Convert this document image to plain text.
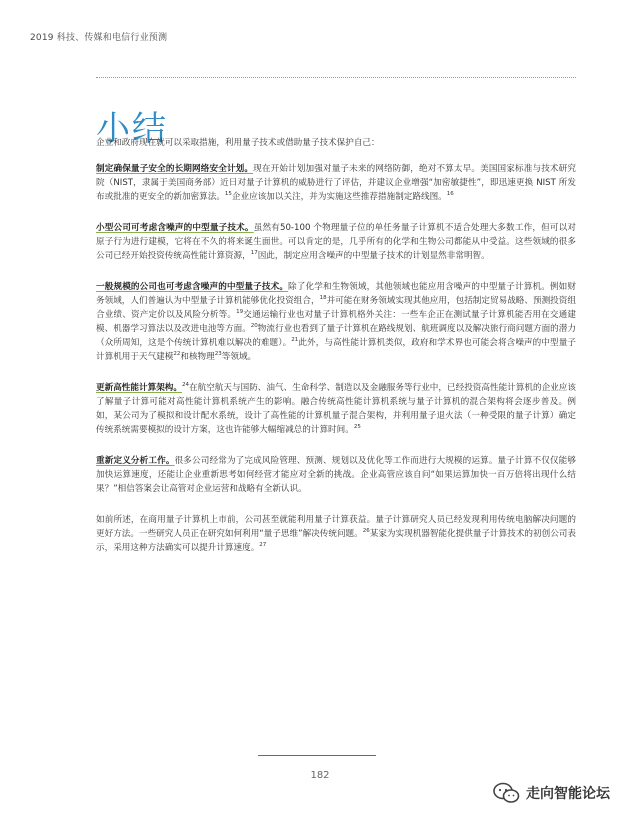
2019 科技、传媒和电信行业预测
小结

企业和政府现在就可以采取措施，利用量子技术或借助量子技术保护自己：

制定确保量子安全的长期网络安全计划。现在开始计划加强对量子未来的网络防御，绝对不算太早。美国国家标准与技术研究院（NIST，隶属于美国商务部）近日对量子计算机的威胁进行了评估，并建议企业增强“加密敏捷性”，即迅速更换 NIST 所发布或批准的更安全的新加密算法。$^{15}$企业应该加以关注，并为实施这些推荐措施制定路线图。$^{16}$

小型公司可考虑含噪声的中型量子技术。虽然有50-100 个物理量子位的单任务量子计算机不适合处理大多数工作，但可以对原子行为进行建模，它将在不久的将来诞生面世。可以肯定的是，几乎所有的化学和生物公司都能从中受益。这些领域的很多公司已经开始投资传统高性能计算资源，$^{17}$因此，制定应用含噪声的中型量子技术的计划显然非常明智。

一般规模的公司也可考虑含噪声的中型量子技术。除了化学和生物领域，其他领域也能应用含噪声的中型量子计算机。例如财务领域，人们普遍认为中型量子计算机能够优化投资组合，$^{18}$并可能在财务领域实现其他应用，包括制定贸易战略、预测投资组合业绩、资产定价以及风险分析等。$^{19}$交通运输行业也对量子计算机格外关注：一些车企正在测试量子计算机能否用在交通建模、机器学习算法以及改进电池等方面。$^{20}$物流行业也看到了量子计算机在路线规划、航班调度以及解决旅行商问题方面的潜力（众所周知，这是个传统计算机难以解决的难题）。$^{21}$此外，与高性能计算机类似，政府和学术界也可能会将含噪声的中型量子计算机用于天气建模$^{22}$和核物理$^{23}$等领域。

更新高性能计算架构。$^{24}$在航空航天与国防、油气、生命科学、制造以及金融服务等行业中，已经投资高性能计算机的企业应该了解量子计算可能对高性能计算机系统产生的影响。融合传统高性能计算机系统与量子计算机的混合架构将会逐步普及。例如，某公司为了模拟和设计配水系统，设计了高性能的计算机量子混合架构，并利用量子退火法（一种受限的量子计算）确定传统系统需要模拟的设计方案，这也许能够大幅缩减总的计算时间。$^{25}$

重新定义分析工作。很多公司经常为了完成风险管理、预测、规划以及优化等工作而进行大规模的运算。量子计算不仅仅能够加快运算速度，还能让企业重新思考如何经营才能应对全新的挑战。企业高管应该自问“如果运算加快一百万倍将出现什么结果？”相信答案会让高管对企业运营和战略有全新认识。

如前所述，在商用量子计算机上市前，公司甚至就能利用量子计算获益。量子计算研究人员已经发现利用传统电脑解决问题的更好方法。一些研究人员正在研究如何利用“量子思维”解决传统问题。$^{26}$某家为实现机器智能化提供量子计算技术的初创公司表示，采用这种方法确实可以提升计算速度。$^{27}$

182
走向智能论坛
